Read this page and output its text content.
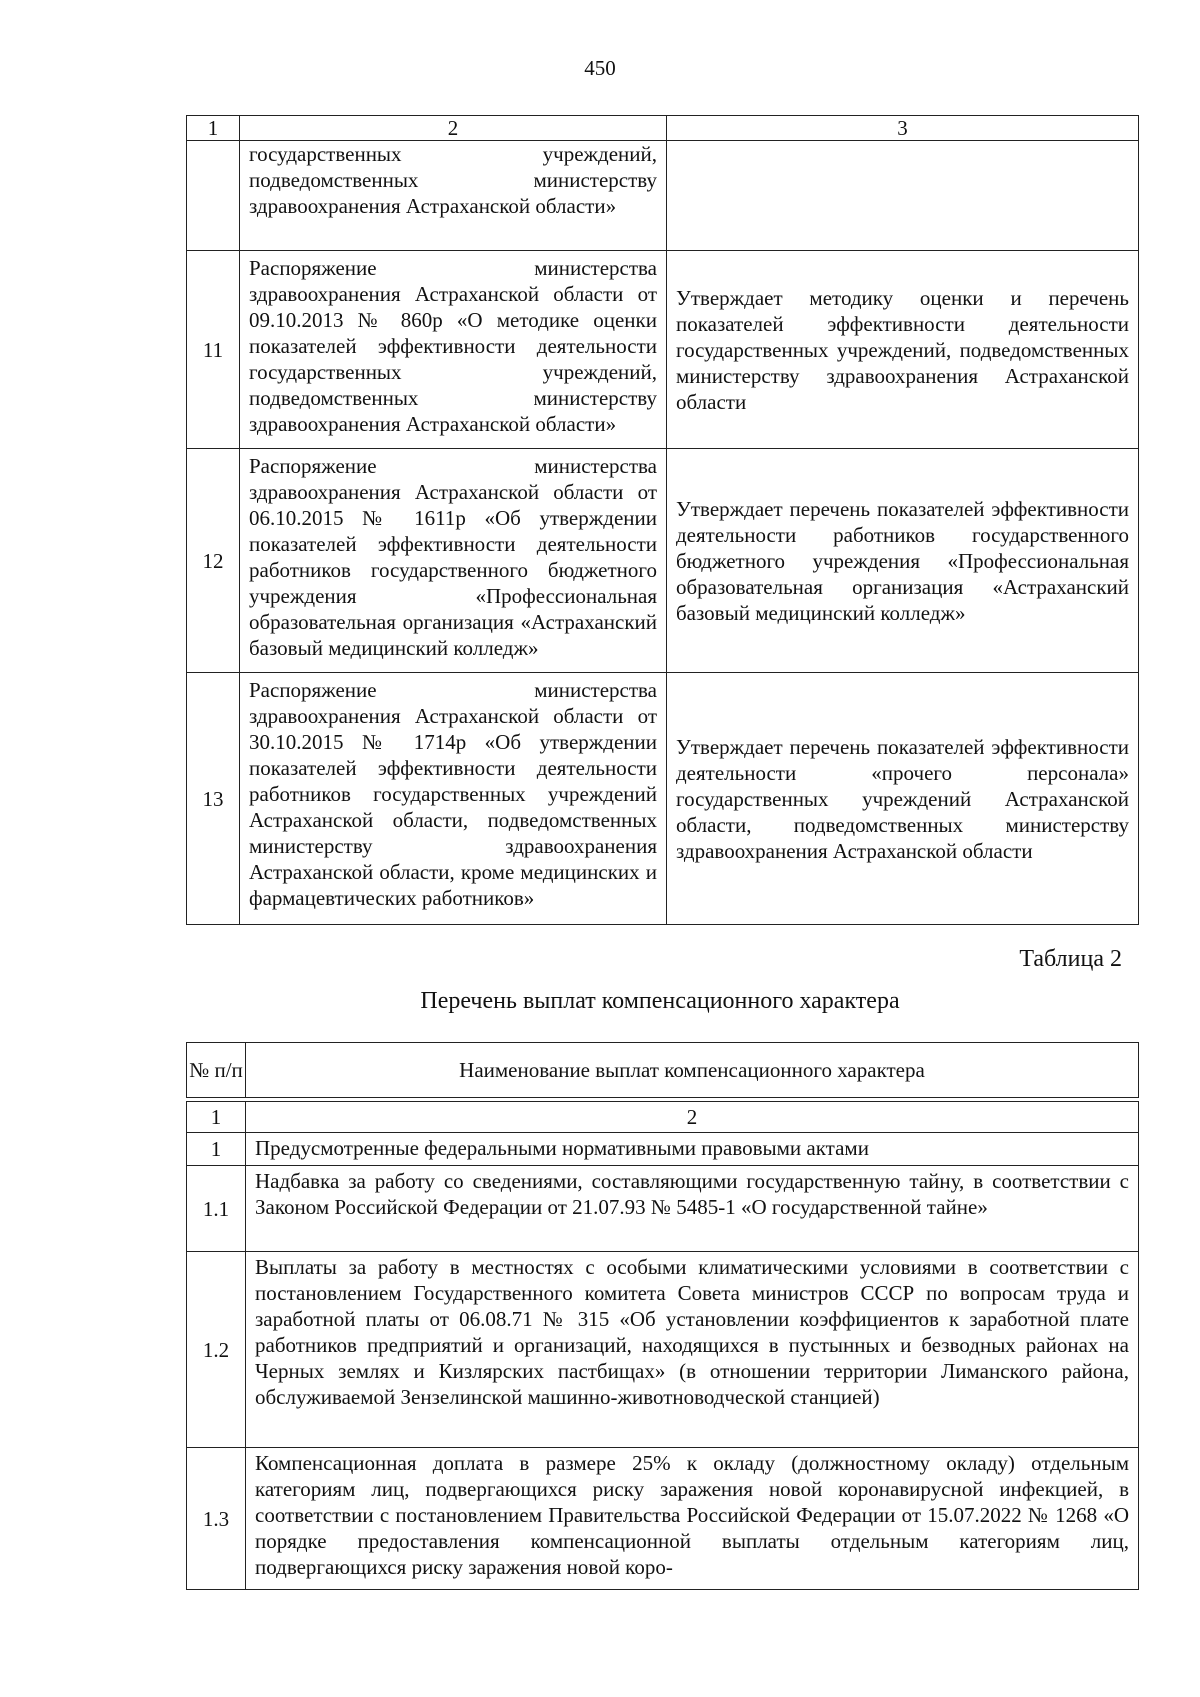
450
1	2	3
	государственных учреждений, подведомственных министерству здравоохранения Астраханской области»	
11	Распоряжение министерства здравоохранения Астраханской области от 09.10.2013 № 860р «О методике оценки показателей эффективности деятельности государственных учреждений, подведомственных министерству здравоохранения Астраханской области»	Утверждает методику оценки и перечень показателей эффективности деятельности государственных учреждений, подведомственных министерству здравоохранения Астраханской области
12	Распоряжение министерства здравоохранения Астраханской области от 06.10.2015 № 1611р «Об утверждении показателей эффективности деятельности работников государственного бюджетного учреждения «Профессиональная образовательная организация «Астраханский базовый медицинский колледж»	Утверждает перечень показателей эффективности деятельности работников государственного бюджетного учреждения «Профессиональная образовательная организация «Астраханский базовый медицинский колледж»
13	Распоряжение министерства здравоохранения Астраханской области от 30.10.2015 № 1714р «Об утверждении показателей эффективности деятельности работников государственных учреждений Астраханской области, подведомственных министерству здравоохранения Астраханской области, кроме медицинских и фармацевтических работников»	Утверждает перечень показателей эффективности деятельности «прочего персонала» государственных учреждений Астраханской области, подведомственных министерству здравоохранения Астраханской области
Таблица 2
Перечень выплат компенсационного характера
№ п/п	Наименование выплат компенсационного характера
1	2
1	Предусмотренные федеральными нормативными правовыми актами
1.1	Надбавка за работу со сведениями, составляющими государственную тайну, в соответствии с Законом Российской Федерации от 21.07.93 № 5485-1 «О государственной тайне»
1.2	Выплаты за работу в местностях с особыми климатическими условиями в соответствии с постановлением Государственного комитета Совета министров СССР по вопросам труда и заработной платы от 06.08.71 № 315 «Об установлении коэффициентов к заработной плате работников предприятий и организаций, находящихся в пустынных и безводных районах на Черных землях и Кизлярских пастбищах» (в отношении территории Лиманского района, обслуживаемой Зензелинской машинно-животноводческой станцией)
1.3	Компенсационная доплата в размере 25% к окладу (должностному окладу) отдельным категориям лиц, подвергающихся риску заражения новой коронавирусной инфекцией, в соответствии с постановлением Правительства Российской Федерации от 15.07.2022 № 1268 «О порядке предоставления компенсационной выплаты отдельным категориям лиц, подвергающихся риску заражения новой коро-
